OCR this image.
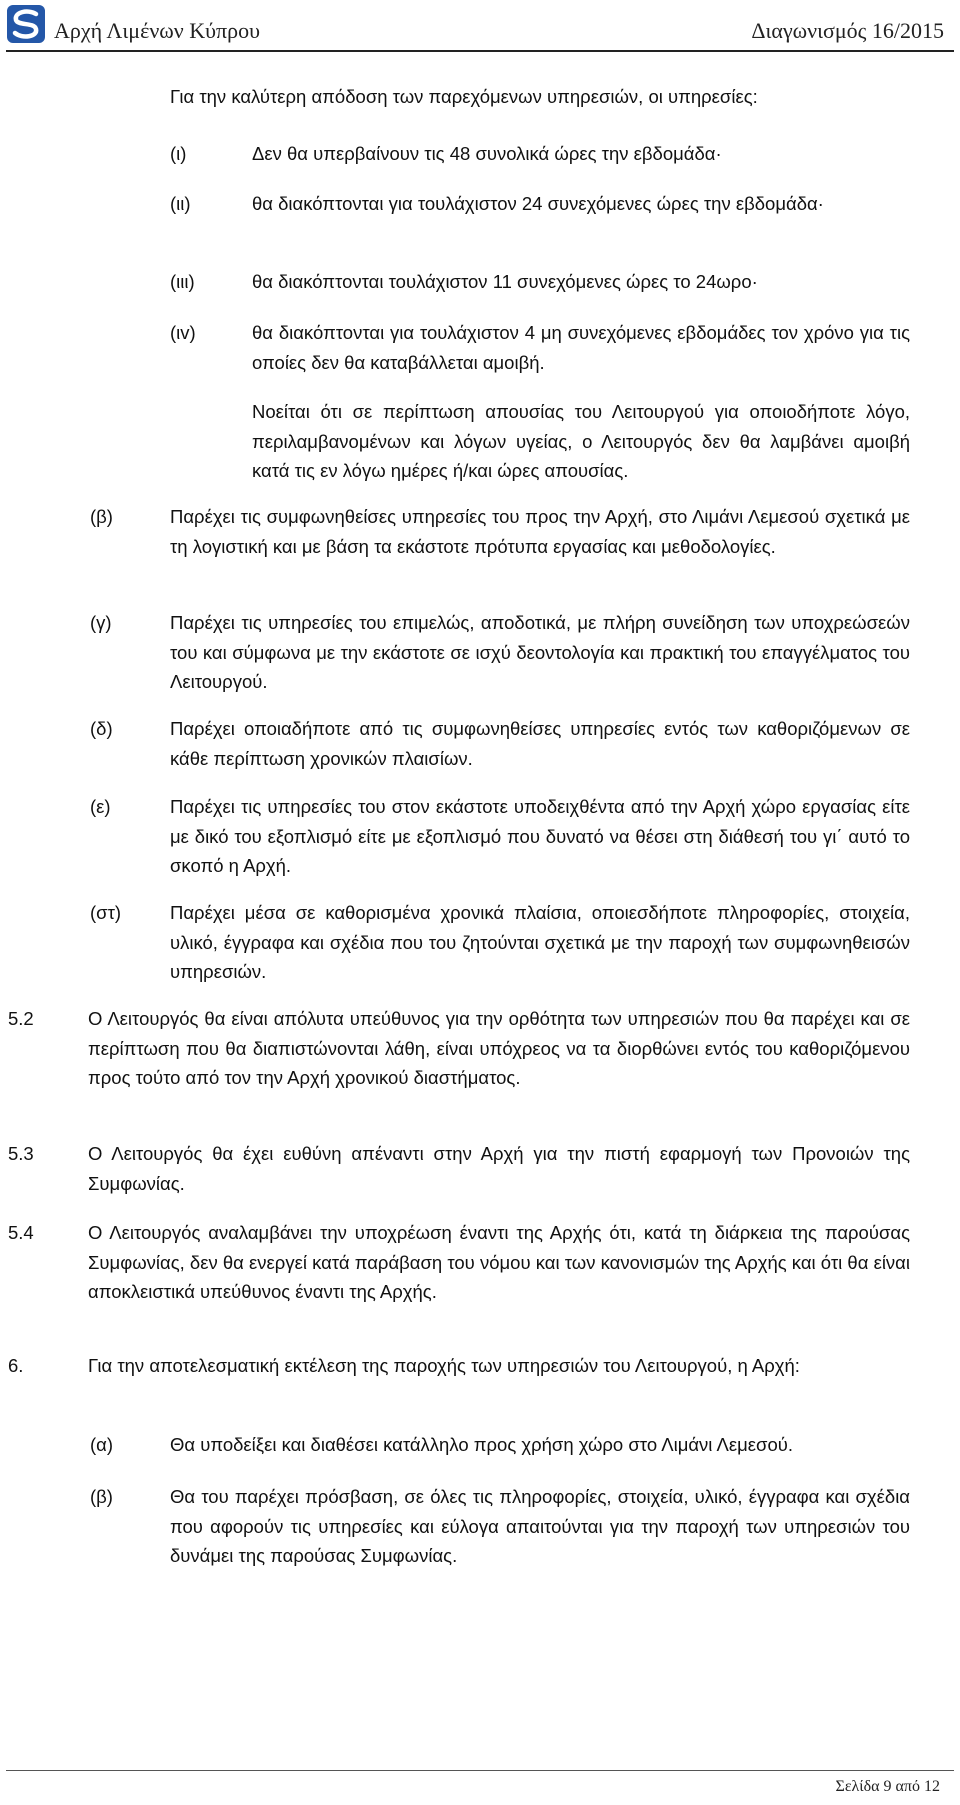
Αρχή Λιμένων Κύπρου	Διαγωνισμός 16/2015
Για την καλύτερη απόδοση των παρεχόμενων υπηρεσιών, οι υπηρεσίες:
(ι)	Δεν θα υπερβαίνουν τις 48 συνολικά ώρες την εβδομάδα·
(ιι)	θα διακόπτονται για τουλάχιστον 24 συνεχόμενες ώρες την εβδομάδα·
(ιιι)	θα διακόπτονται τουλάχιστον 11 συνεχόμενες ώρες το 24ωρο·
(ιv)	θα διακόπτονται για τουλάχιστον 4 μη συνεχόμενες εβδομάδες τον χρόνο για τις οποίες δεν θα καταβάλλεται αμοιβή.
Νοείται ότι σε περίπτωση απουσίας του Λειτουργού για οποιοδήποτε λόγο, περιλαμβανομένων και λόγων υγείας, ο Λειτουργός δεν θα λαμβάνει αμοιβή κατά τις εν λόγω ημέρες ή/και ώρες απουσίας.
(β)	Παρέχει τις συμφωνηθείσες υπηρεσίες του προς την Αρχή, στο Λιμάνι Λεμεσού σχετικά με τη λογιστική και με βάση τα εκάστοτε πρότυπα εργασίας και μεθοδολογίες.
(γ)	Παρέχει τις υπηρεσίες του επιμελώς, αποδοτικά, με πλήρη συνείδηση των υποχρεώσεών του και σύμφωνα με την εκάστοτε σε ισχύ δεοντολογία και πρακτική του επαγγέλματος του Λειτουργού.
(δ)	Παρέχει οποιαδήποτε από τις συμφωνηθείσες υπηρεσίες εντός των καθοριζόμενων σε κάθε περίπτωση χρονικών πλαισίων.
(ε)	Παρέχει τις υπηρεσίες του στον εκάστοτε υποδειχθέντα από την Αρχή χώρο εργασίας είτε με δικό του εξοπλισμό είτε με εξοπλισμό που δυνατό να θέσει στη διάθεσή του γι΄ αυτό το σκοπό η Αρχή.
(στ)	Παρέχει μέσα σε καθορισμένα χρονικά πλαίσια, οποιεσδήποτε πληροφορίες, στοιχεία, υλικό, έγγραφα και σχέδια που του ζητούνται σχετικά με την παροχή των συμφωνηθεισών υπηρεσιών.
5.2	Ο Λειτουργός θα είναι απόλυτα υπεύθυνος για την ορθότητα των υπηρεσιών που θα παρέχει και σε περίπτωση που θα διαπιστώνονται λάθη, είναι υπόχρεος να τα διορθώνει εντός του καθοριζόμενου προς τούτο από τον την Αρχή χρονικού διαστήματος.
5.3	Ο Λειτουργός θα έχει ευθύνη απέναντι στην Αρχή για την πιστή εφαρμογή των Προνοιών της Συμφωνίας.
5.4	Ο Λειτουργός αναλαμβάνει την υποχρέωση έναντι της Αρχής ότι, κατά τη διάρκεια της παρούσας Συμφωνίας, δεν θα ενεργεί κατά παράβαση του νόμου και των κανονισμών της Αρχής και ότι θα είναι αποκλειστικά υπεύθυνος έναντι της Αρχής.
6.	Για την αποτελεσματική εκτέλεση της παροχής των υπηρεσιών του Λειτουργού, η Αρχή:
(α)	Θα υποδείξει και διαθέσει κατάλληλο προς χρήση χώρο στο Λιμάνι Λεμεσού.
(β)	Θα του παρέχει πρόσβαση, σε όλες τις πληροφορίες, στοιχεία, υλικό, έγγραφα και σχέδια που αφορούν τις υπηρεσίες και εύλογα απαιτούνται για την παροχή των υπηρεσιών του δυνάμει της παρούσας Συμφωνίας.
Σελίδα 9 από 12
